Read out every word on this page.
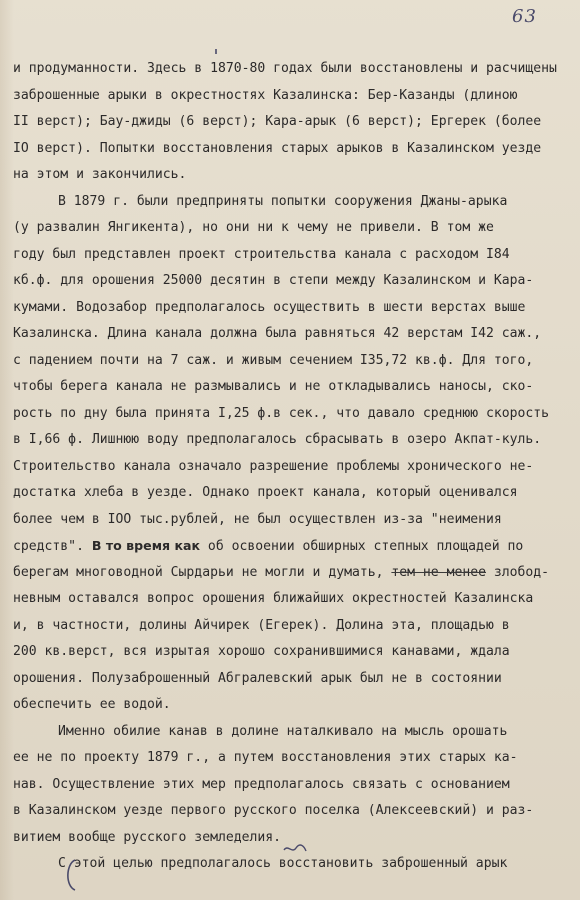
63
и продуманности. Здесь в 1870-80 годах были восстановлены и расчищены
заброшенные арыки в окрестностях Казалинска: Бер-Казанды (длиною
II верст); Бау-джиды (6 верст); Кара-арык (6 верст); Ергерек (более
IO верст). Попытки восстановления старых арыков в Казалинском уезде
на этом и закончились.
В 1879 г. были предприняты попытки сооружения Джаны-арыка
(у развалин Янгикента), но они ни к чему не привели. В том же
году был представлен проект строительства канала с расходом I84
кб.ф. для орошения 25000 десятин в степи между Казалинском и Кара-
кумами. Водозабор предполагалось осуществить в шести верстах выше
Казалинска. Длина канала должна была равняться 42 верстам I42 саж.,
с падением почти на 7 саж. и живым сечением I35,72 кв.ф. Для того,
чтобы берега канала не размывались и не откладывались наносы, ско-
рость по дну была принята I,25 ф.в сек., что давало среднюю скорость
в I,66 ф. Лишнюю воду предполагалось сбрасывать в озеро Акпат-куль.
Строительство канала означало разрешение проблемы хронического не-
достатка хлеба в уезде. Однако проект канала, который оценивался
более чем в IOO тыс.рублей, не был осуществлен из-за "неимения
средств". В то время как об освоении обширных степных площадей по
берегам многоводной Сырдарьи не могли и думать, тем не менее злобод-
невным оставался вопрос орошения ближайших окрестностей Казалинска
и, в частности, долины Айчирек (Егерек). Долина эта, площадью в
200 кв.верст, вся изрытая хорошо сохранившимися канавами, ждала
орошения. Полузаброшенный Абгралевский арык был не в состоянии
обеспечить ее водой.
Именно обилие канав в долине наталкивало на мысль орошать
ее не по проекту 1879 г., а путем восстановления этих старых ка-
нав. Осуществление этих мер предполагалось связать с основанием
в Казалинском уезде первого русского поселка (Алексеевский) и раз-
витием вообще русского земледелия.
С этой целью предполагалось восстановить заброшенный арык
